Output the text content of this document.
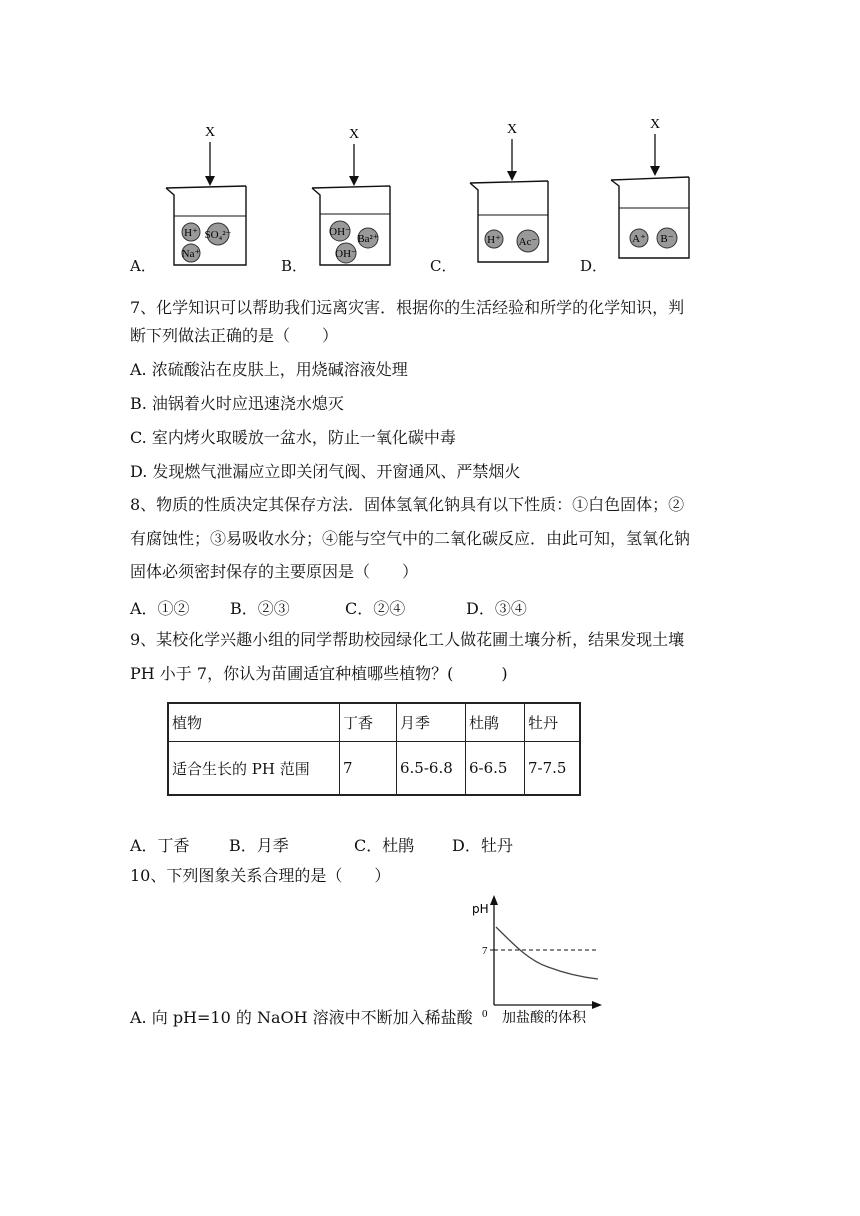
A．
X
H⁺ SO₄²⁻
Na⁺
B．
X
OH⁻
Ba²⁺
OH⁻
C．
X
H⁺ Ac⁻
D．
X
A⁺ B⁻
7、化学知识可以帮助我们远离灾害．根据你的生活经验和所学的化学知识，判
断下列做法正确的是（　　）
A. 浓硫酸沾在皮肤上，用烧碱溶液处理
B. 油锅着火时应迅速浇水熄灭
C. 室内烤火取暖放一盆水，防止一氧化碳中毒
D. 发现燃气泄漏应立即关闭气阀、开窗通风、严禁烟火
8、物质的性质决定其保存方法．固体氢氧化钠具有以下性质：①白色固体；②
有腐蚀性；③易吸收水分；④能与空气中的二氧化碳反应．由此可知，氢氧化钠
固体必须密封保存的主要原因是（　　）
A．①②	B．②③	C．②④	D．③④
9、某校化学兴趣小组的同学帮助校园绿化工人做花圃土壤分析，结果发现土壤
PH 小于 7，你认为苗圃适宜种植哪些植物？(　　　)
植物	丁香	月季	杜鹃	牡丹
适合生长的 PH 范围	7	6.5-6.8	6-6.5	7-7.5
A．丁香 B．月季	C．杜鹃 D．牡丹
10、下列图象关系合理的是（　　）
A. 向 pH=10 的 NaOH 溶液中不断加入稀盐酸
pH
7
0 加盐酸的体积
